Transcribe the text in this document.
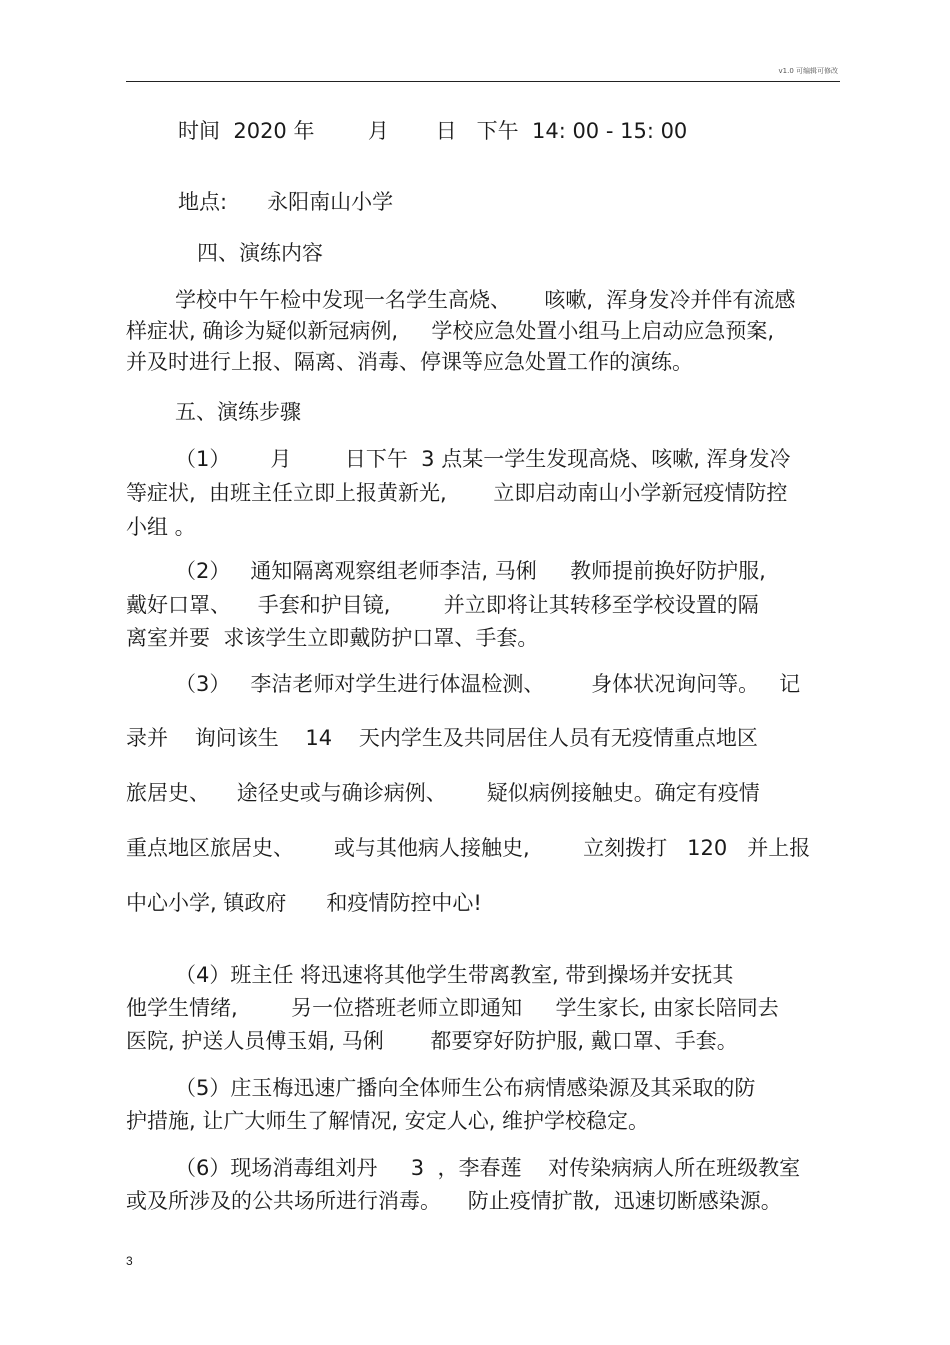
v1.0 可编辑可修改
时间  2020 年        月       日   下午  14: 00 - 15: 00
地点:      永阳南山小学
四、演练内容
学校中午午检中发现一名学生高烧、     咳嗽,  浑身发冷并伴有流感
样症状, 确诊为疑似新冠病例,     学校应急处置小组马上启动应急预案,
并及时进行上报、隔离、消毒、停课等应急处置工作的演练。
五、演练步骤
（1）      月        日下午  3 点某一学生发现高烧、咳嗽, 浑身发冷
等症状,  由班主任立即上报黄新光,       立即启动南山小学新冠疫情防控
小组 。
（2）   通知隔离观察组老师李洁, 马俐     教师提前换好防护服,
戴好口罩、    手套和护目镜,        并立即将让其转移至学校设置的隔
离室并要  求该学生立即戴防护口罩、手套。
（3）   李洁老师对学生进行体温检测、       身体状况询问等。   记
录并    询问该生    14    天内学生及共同居住人员有无疫情重点地区
旅居史、    途径史或与确诊病例、      疑似病例接触史。确定有疫情
重点地区旅居史、      或与其他病人接触史,        立刻拨打   120   并上报
中心小学, 镇政府      和疫情防控中心!
（4）班主任 将迅速将其他学生带离教室, 带到操场并安抚其
他学生情绪,        另一位搭班老师立即通知     学生家长, 由家长陪同去
医院, 护送人员傅玉娟, 马俐       都要穿好防护服, 戴口罩、手套。
（5）庄玉梅迅速广播向全体师生公布病情感染源及其采取的防
护措施, 让广大师生了解情况, 安定人心, 维护学校稳定。
（6）现场消毒组刘丹     3  ，李春莲    对传染病病人所在班级教室
或及所涉及的公共场所进行消毒。    防止疫情扩散,  迅速切断感染源。
3
